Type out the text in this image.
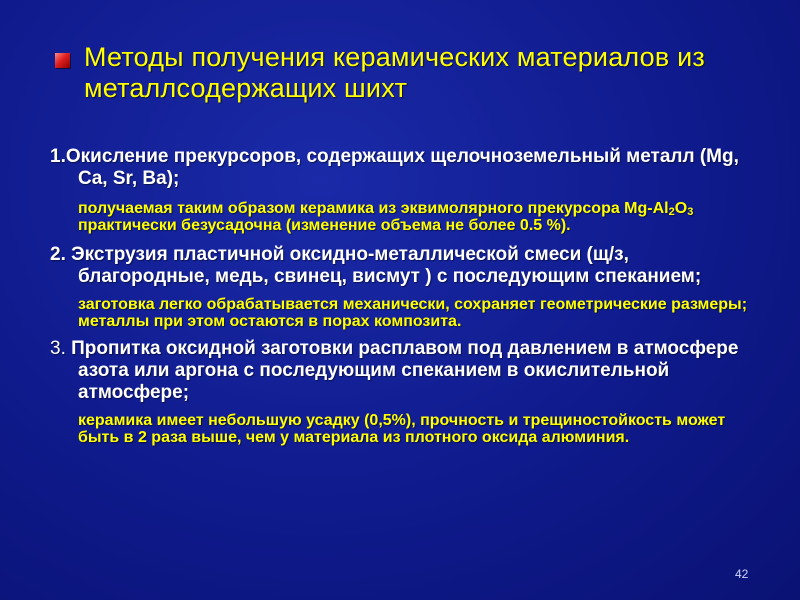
Методы получения керамических материалов из металлсодержащих шихт
1.Окисление прекурсоров, содержащих щелочноземельный металл (Mg, Ca, Sr, Ba);
получаемая таким образом керамика из эквимолярного прекурсора $Mg-Al_2O_3$ практически безусадочна (изменение объема не более 0.5 %).
2. Экструзия пластичной оксидно-металлической смеси (щ/з, благородные, медь, свинец, висмут ) с последующим спеканием;
заготовка легко обрабатывается механически, сохраняет геометрические размеры; металлы при этом остаются в порах композита.
3. Пропитка оксидной заготовки расплавом под давлением в атмосфере азота или аргона с последующим спеканием в окислительной атмосфере;
керамика имеет небольшую усадку (0,5%), прочность и трещиностойкость может быть в 2 раза выше, чем у материала из плотного оксида алюминия.
42
